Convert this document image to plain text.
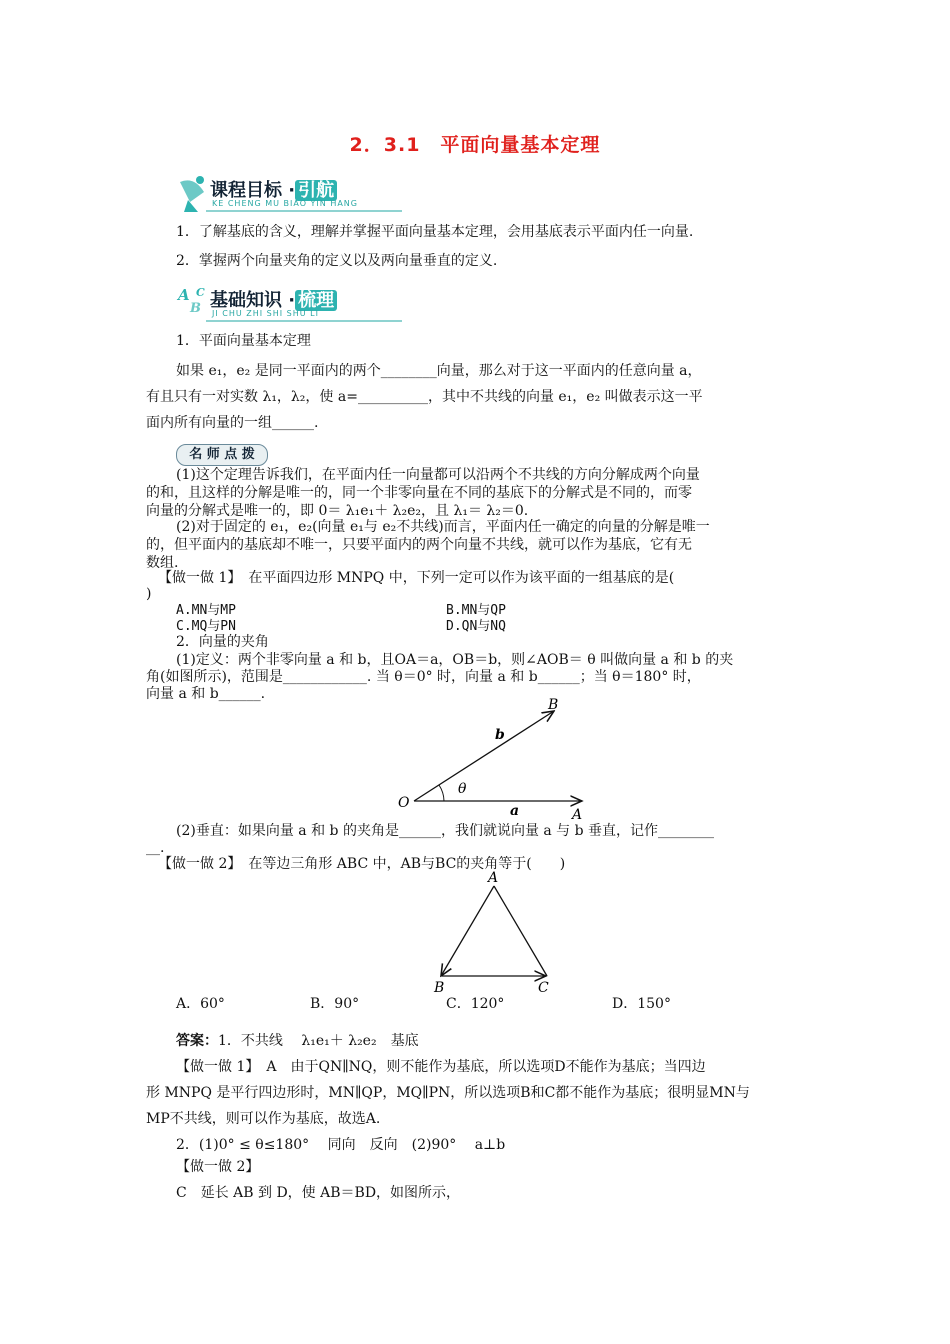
2．3.1　平面向量基本定理
课程目标 · 引航
KE CHENG MU BIAO YIN HANG
1．了解基底的含义，理解并掌握平面向量基本定理，会用基底表示平面内任一向量.
2．掌握两个向量夹角的定义以及两向量垂直的定义.
A
B
C 基础知识 · 梳理
JI CHU ZHI SHI SHU LI
1．平面向量基本定理
如果 e₁，e₂ 是同一平面内的两个________向量，那么对于这一平面内的任意向量 a，
有且只有一对实数 λ₁，λ₂，使 a=__________，其中不共线的向量 e₁，e₂ 叫做表示这一平
面内所有向量的一组______.
名 师 点 拨
(1)这个定理告诉我们，在平面内任一向量都可以沿两个不共线的方向分解成两个向量
的和，且这样的分解是唯一的，同一个非零向量在不同的基底下的分解式是不同的，而零
向量的分解式是唯一的，即 0＝ λ₁e₁＋ λ₂e₂，且 λ₁＝ λ₂＝0.
(2)对于固定的 e₁，e₂(向量 e₁与 e₂不共线)而言，平面内任一确定的向量的分解是唯一
的，但平面内的基底却不唯一，只要平面内的两个向量不共线，就可以作为基底，它有无
数组.
【做一做 1】　在平面四边形 MNPQ 中，下列一定可以作为该平面的一组基底的是(
)
A.MN与MP	B.MN与QP
C.MQ与PN	D.QN与NQ
2．向量的夹角
(1)定义：两个非零向量 a 和 b，且OA＝a，OB＝b，则∠AOB＝ θ 叫做向量 a 和 b 的夹
角(如图所示)，范围是____________. 当 θ＝0° 时，向量 a 和 b______；当 θ＝180° 时，
向量 a 和 b______.
B
b
θ
O	a	A
(2)垂直：如果向量 a 和 b 的夹角是______，我们就说向量 a 与 b 垂直，记作________
__.
【做一做 2】　在等边三角形 ABC 中，AB与BC的夹角等于(　　)
A
B	C
A．60°	B．90°	C．120°	D．150°
答案：1．不共线　 λ₁e₁＋ λ₂e₂　基底
【做一做 1】　A　由于QN∥NQ，则不能作为基底，所以选项D不能作为基底；当四边
形 MNPQ 是平行四边形时，MN∥QP，MQ∥PN，所以选项B和C都不能作为基底；很明显MN与
MP不共线，则可以作为基底，故选A.
2．(1)0° ≤ θ≤180°　 同向　反向　(2)90°　 a⊥b
【做一做 2】
C　延长 AB 到 D，使 AB＝BD，如图所示，
